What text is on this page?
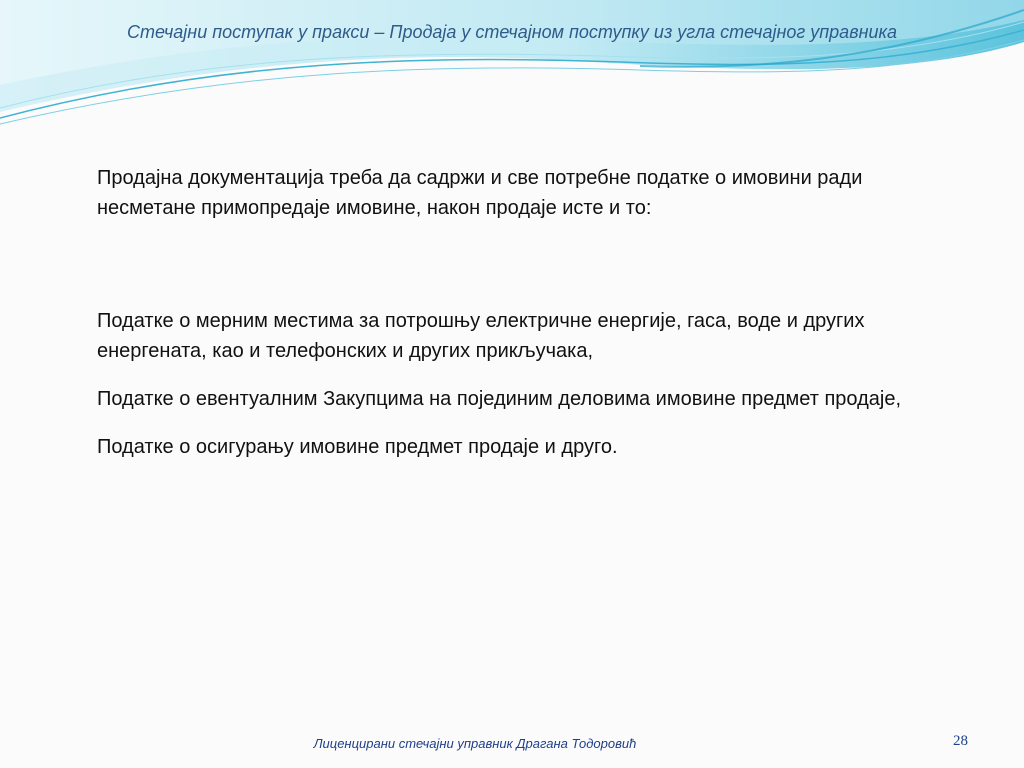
Стечајни поступак у пракси – Продаја у стечајном поступку из угла стечајног управника

Продајна документација треба да садржи и све потребне податке о имовини ради несметане примопредаје имовине, након продаје исте и то:

Податке о мерним местима за потрошњу електричне енергије, гаса, воде и других енергената, као и телефонских и других прикључака,

Податке о евентуалним Закупцима на појединим деловима имовине предмет продаје,

Податке о осигурању имовине предмет продаје и друго.

Лиценцирани стечајни управник Драгана Тодоровић	28
